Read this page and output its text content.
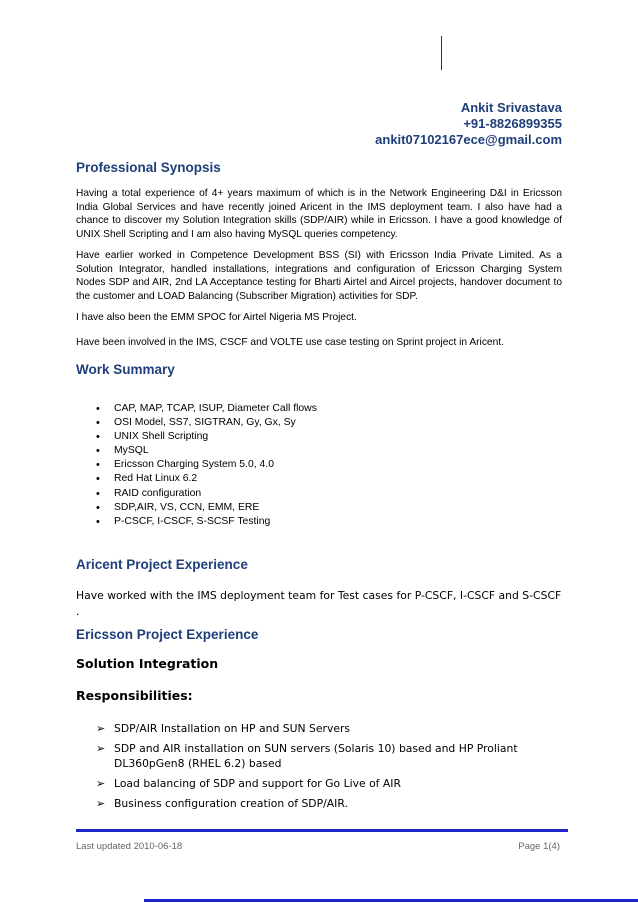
Ankit Srivastava
+91-8826899355
ankit07102167ece@gmail.com
Professional Synopsis

Having a total experience of 4+ years maximum of which is in the Network Engineering D&I in Ericsson India Global Services and have recently joined Aricent in the IMS deployment team. I also have had a chance to discover my Solution Integration skills (SDP/AIR) while in Ericsson. I have a good knowledge of UNIX Shell Scripting and I am also having MySQL queries competency.

Have earlier worked in Competence Development BSS (SI) with Ericsson India Private Limited. As a Solution Integrator, handled installations, integrations and configuration of Ericsson Charging System Nodes SDP and AIR, 2nd LA Acceptance testing for Bharti Airtel and Aircel projects, handover document to the customer and LOAD Balancing (Subscriber Migration) activities for SDP.

I have also been the EMM SPOC for Airtel Nigeria MS Project.

Have been involved in the IMS, CSCF and VOLTE use case testing on Sprint project in Aricent.

Work Summary
• CAP, MAP, TCAP, ISUP, Diameter Call flows
• OSI Model, SS7, SIGTRAN, Gy, Gx, Sy
• UNIX Shell Scripting
• MySQL
• Ericsson Charging System 5.0, 4.0
• Red Hat Linux 6.2
• RAID configuration
• SDP,AIR, VS, CCN, EMM, ERE
• P-CSCF, I-CSCF, S-SCSF Testing
Aricent Project Experience

Have worked with the IMS deployment team for Test cases for P-CSCF, I-CSCF and S-CSCF .

Ericsson Project Experience
Solution Integration
Responsibilities:
➢ SDP/AIR Installation on HP and SUN Servers
➢ SDP and AIR installation on SUN servers (Solaris 10) based and HP Proliant DL360pGen8 (RHEL 6.2) based
➢ Load balancing of SDP and support for Go Live of AIR
➢ Business configuration creation of SDP/AIR.
Last updated 2010-06-18	Page 1(4)
